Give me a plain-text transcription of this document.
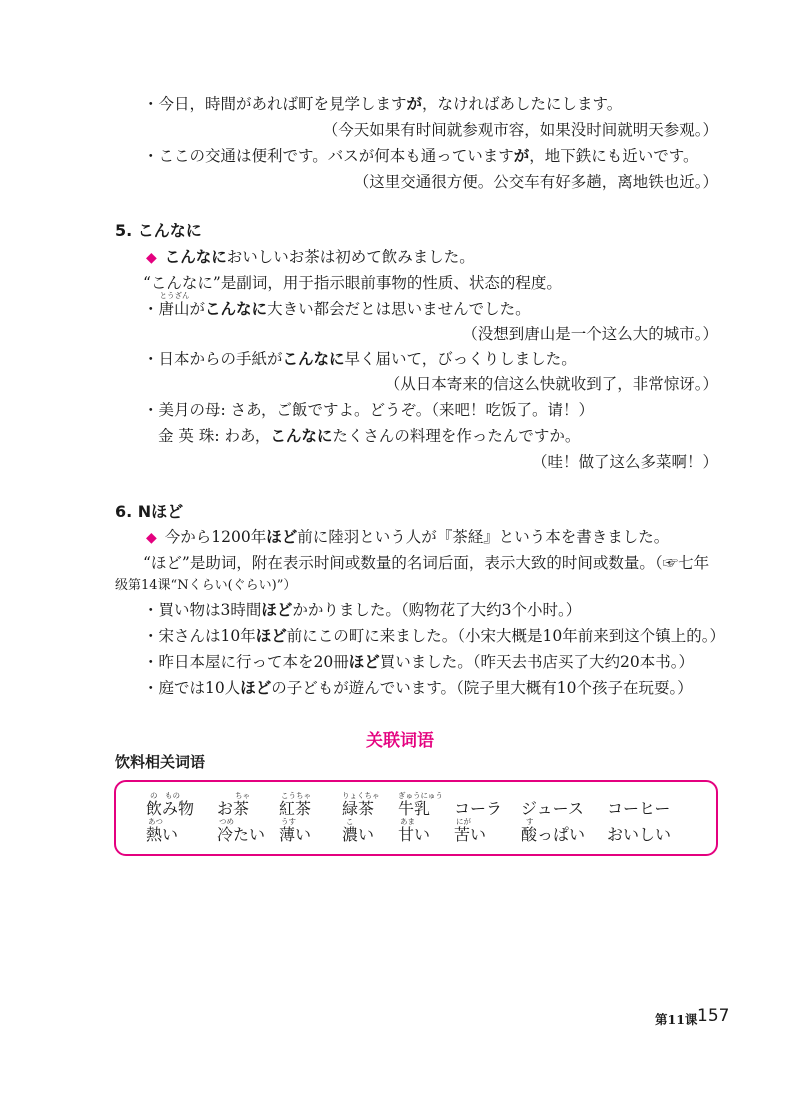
・今日，時間があれば町を見学しますが，なければあしたにします。
（今天如果有时间就参观市容，如果没时间就明天参观。）
・ここの交通は便利です。バスが何本も通っていますが，地下鉄にも近いです。
（这里交通很方便。公交车有好多趟，离地铁也近。）
5. こんなに
◆ こんなにおいしいお茶は初めて飲みました。
“こんなに”是副词，用于指示眼前事物的性质、状态的程度。
・
とうざん
唐山がこんなに大きい都会だとは思いませんでした。
（没想到唐山是一个这么大的城市。）
・日本からの手紙がこんなに早く届いて，びっくりしました。
（从日本寄来的信这么快就收到了，非常惊讶。）
・美月の母: さあ，ご飯ですよ。どうぞ。（来吧！吃饭了。请！）
金 英 珠: わあ，こんなにたくさんの料理を作ったんですか。
（哇！做了这么多菜啊！）
6. Nほど
◆ 今から1200年ほど前に陸羽という人が『茶経』という本を書きました。
“ほど”是助词，附在表示时间或数量的名词后面，表示大致的时间或数量。（☞七年
级第14课“Nくらい(ぐらい)”）
・買い物は3時間ほどかかりました。（购物花了大约3个小时。）
・宋さんは10年ほど前にこの町に来ました。（小宋大概是10年前来到这个镇上的。）
・昨日本屋に行って本を20冊ほど買いました。（昨天去书店买了大约20本书。）
・庭では10人ほどの子どもが遊んでいます。（院子里大概有10个孩子在玩耍。）
关联词语
饮料相关词语
の　もの
飲み物
ちゃ
お茶
こうちゃ
紅茶
りょくちゃ
緑茶
ぎゅうにゅう
牛乳 コーラ ジュース コーヒー
あつ
熱い
つめ
冷たい
うす
薄い
こ
濃い
あま
甘い
にが
苦い
す
酸っぱい おいしい
第11课 157
